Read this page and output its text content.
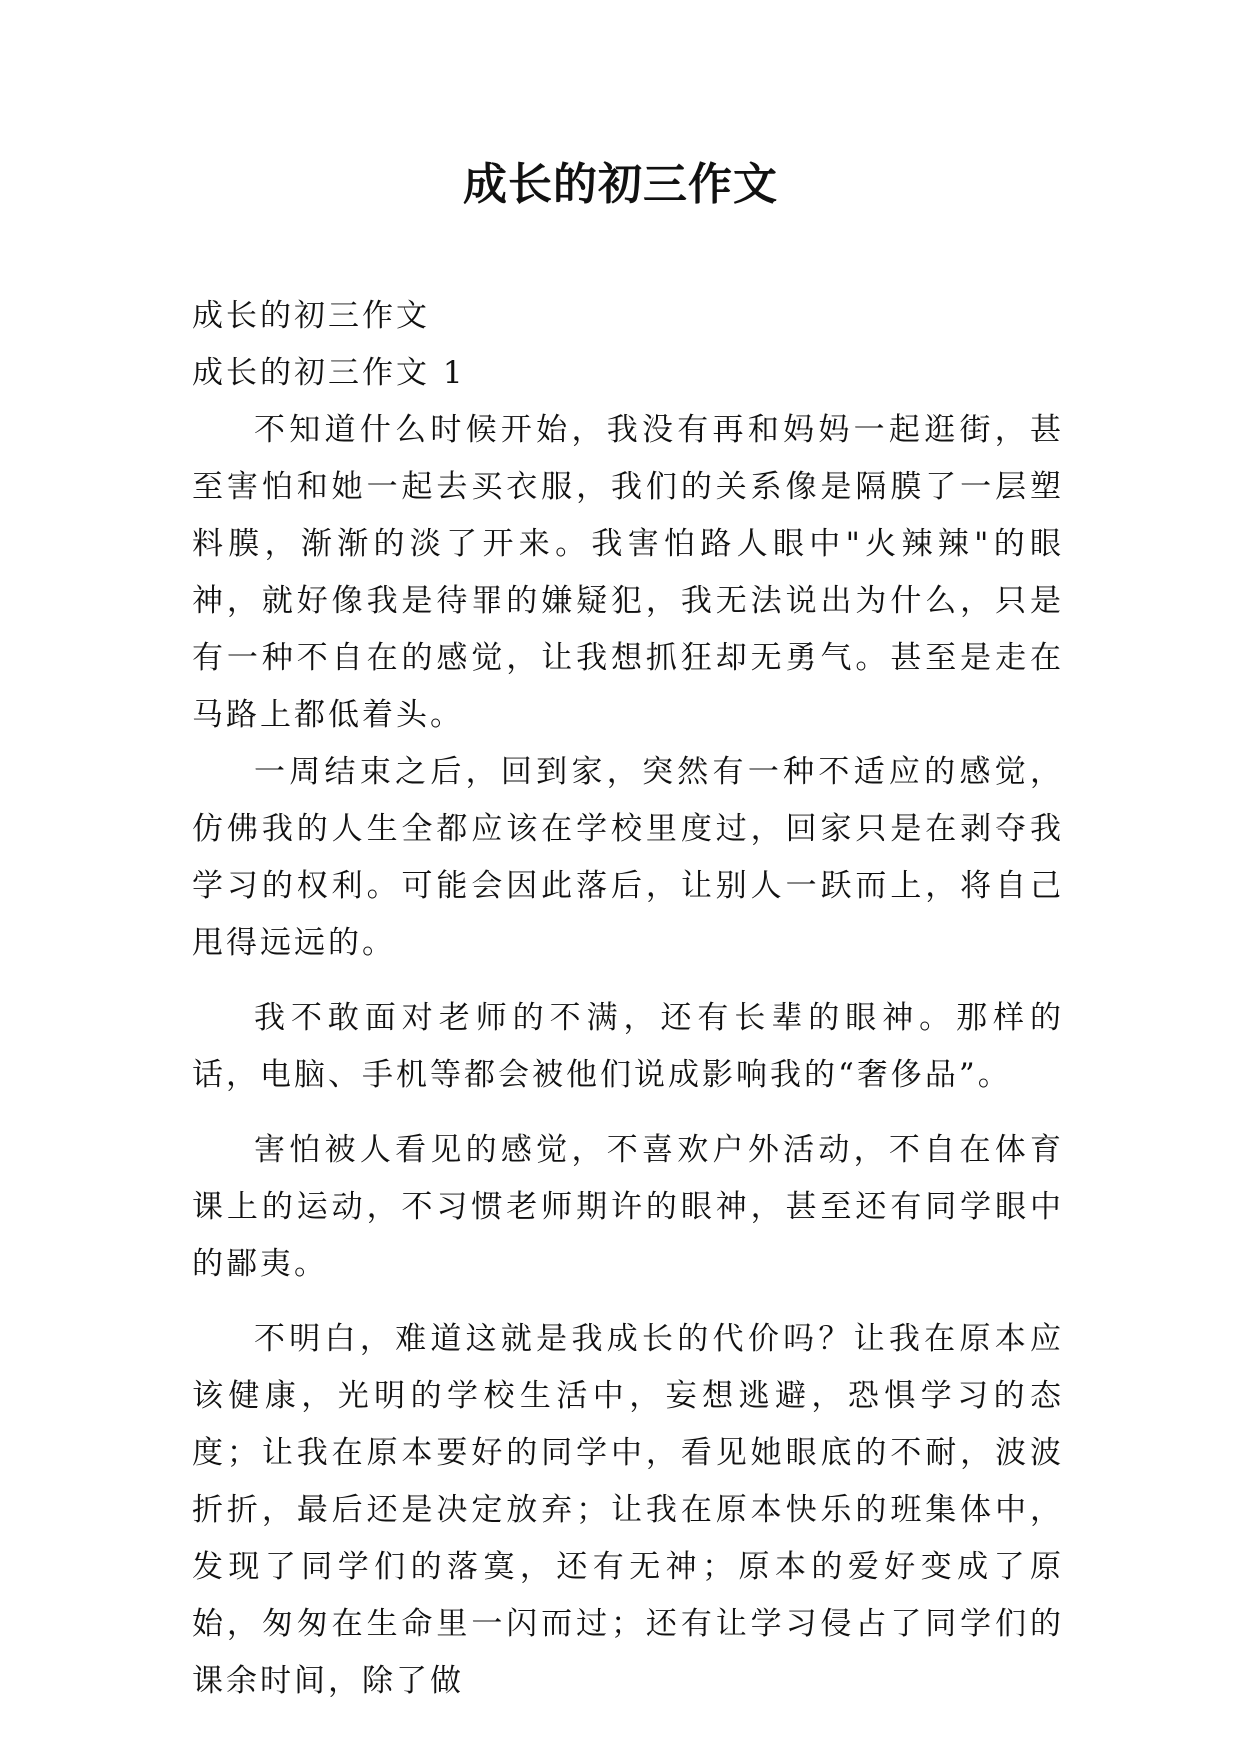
成长的初三作文

成长的初三作文

成长的初三作文 1

不知道什么时候开始，我没有再和妈妈一起逛街，甚至害怕和她一起去买衣服，我们的关系像是隔膜了一层塑料膜，渐渐的淡了开来。我害怕路人眼中"火辣辣"的眼神，就好像我是待罪的嫌疑犯，我无法说出为什么，只是有一种不自在的感觉，让我想抓狂却无勇气。甚至是走在马路上都低着头。

一周结束之后，回到家，突然有一种不适应的感觉，仿佛我的人生全都应该在学校里度过，回家只是在剥夺我学习的权利。可能会因此落后，让别人一跃而上，将自己甩得远远的。

我不敢面对老师的不满，还有长辈的眼神。那样的话，电脑、手机等都会被他们说成影响我的“奢侈品”。

害怕被人看见的感觉，不喜欢户外活动，不自在体育课上的运动，不习惯老师期许的眼神，甚至还有同学眼中的鄙夷。

不明白，难道这就是我成长的代价吗？让我在原本应该健康，光明的学校生活中，妄想逃避，恐惧学习的态度；让我在原本要好的同学中，看见她眼底的不耐，波波折折，最后还是决定放弃；让我在原本快乐的班集体中，发现了同学们的落寞，还有无神；原本的爱好变成了原始，匆匆在生命里一闪而过；还有让学习侵占了同学们的课余时间，除了做
